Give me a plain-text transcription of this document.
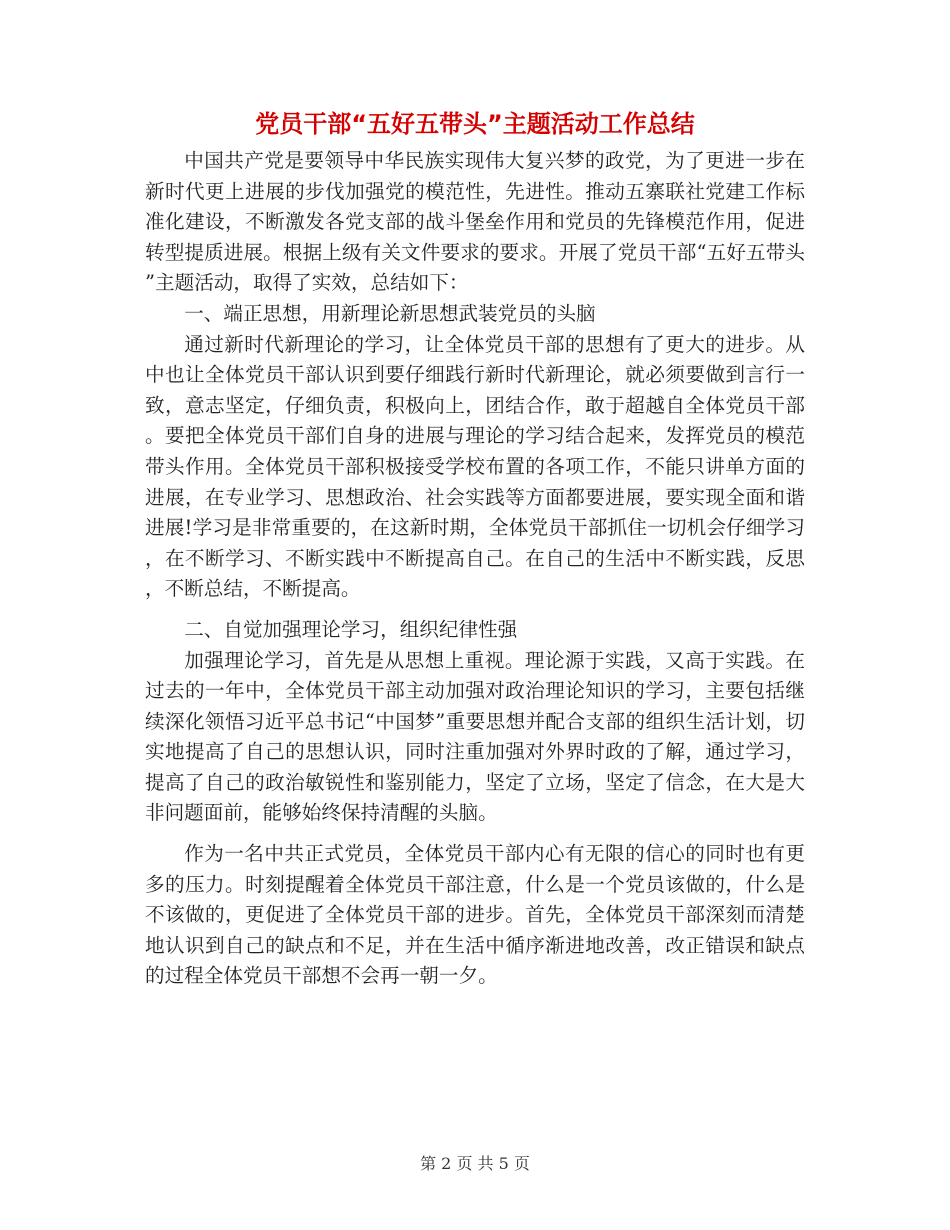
党员干部“五好五带头”主题活动工作总结

中国共产党是要领导中华民族实现伟大复兴梦的政党，为了更进一步在新时代更上进展的步伐加强党的模范性，先进性。推动五寨联社党建工作标准化建设，不断激发各党支部的战斗堡垒作用和党员的先锋模范作用，促进转型提质进展。根据上级有关文件要求的要求。开展了党员干部“五好五带头”主题活动，取得了实效，总结如下：

一、端正思想，用新理论新思想武装党员的头脑

通过新时代新理论的学习，让全体党员干部的思想有了更大的进步。从中也让全体党员干部认识到要仔细践行新时代新理论，就必须要做到言行一致，意志坚定，仔细负责，积极向上，团结合作，敢于超越自全体党员干部。要把全体党员干部们自身的进展与理论的学习结合起来，发挥党员的模范带头作用。全体党员干部积极接受学校布置的各项工作，不能只讲单方面的进展，在专业学习、思想政治、社会实践等方面都要进展，要实现全面和谐进展!学习是非常重要的，在这新时期，全体党员干部抓住一切机会仔细学习，在不断学习、不断实践中不断提高自己。在自己的生活中不断实践，反思，不断总结，不断提高。

二、自觉加强理论学习，组织纪律性强

加强理论学习，首先是从思想上重视。理论源于实践，又高于实践。在过去的一年中，全体党员干部主动加强对政治理论知识的学习，主要包括继续深化领悟习近平总书记“中国梦”重要思想并配合支部的组织生活计划，切实地提高了自己的思想认识，同时注重加强对外界时政的了解，通过学习，提高了自己的政治敏锐性和鉴别能力，坚定了立场，坚定了信念，在大是大非问题面前，能够始终保持清醒的头脑。

作为一名中共正式党员，全体党员干部内心有无限的信心的同时也有更多的压力。时刻提醒着全体党员干部注意，什么是一个党员该做的，什么是不该做的，更促进了全体党员干部的进步。首先，全体党员干部深刻而清楚地认识到自己的缺点和不足，并在生活中循序渐进地改善，改正错误和缺点的过程全体党员干部想不会再一朝一夕。

第 2 页 共 5 页
